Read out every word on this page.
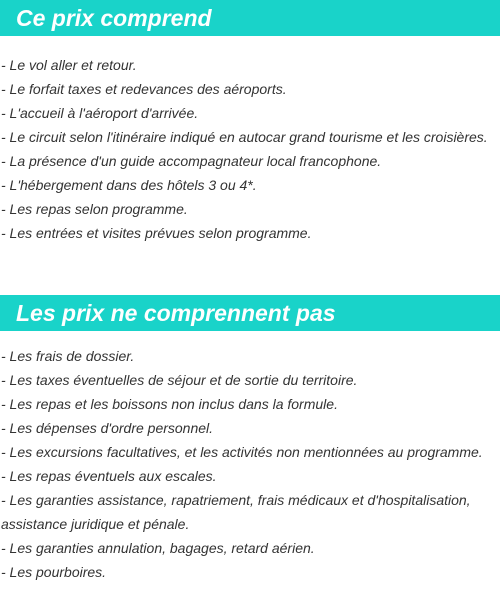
Ce prix comprend
- Le vol aller et retour.
- Le forfait taxes et redevances des aéroports.
- L'accueil à l'aéroport d'arrivée.
- Le circuit selon l'itinéraire indiqué en autocar grand tourisme et les croisières.
- La présence d'un guide accompagnateur local francophone.
- L'hébergement dans des hôtels 3 ou 4*.
- Les repas selon programme.
- Les entrées et visites prévues selon programme.
Les prix ne comprennent pas
- Les frais de dossier.
- Les taxes éventuelles de séjour et de sortie du territoire.
- Les repas et les boissons non inclus dans la formule.
- Les dépenses d'ordre personnel.
- Les excursions facultatives, et les activités non mentionnées au programme.
- Les repas éventuels aux escales.
- Les garanties assistance, rapatriement, frais médicaux et d'hospitalisation, assistance juridique et pénale.
- Les garanties annulation, bagages, retard aérien.
- Les pourboires.
